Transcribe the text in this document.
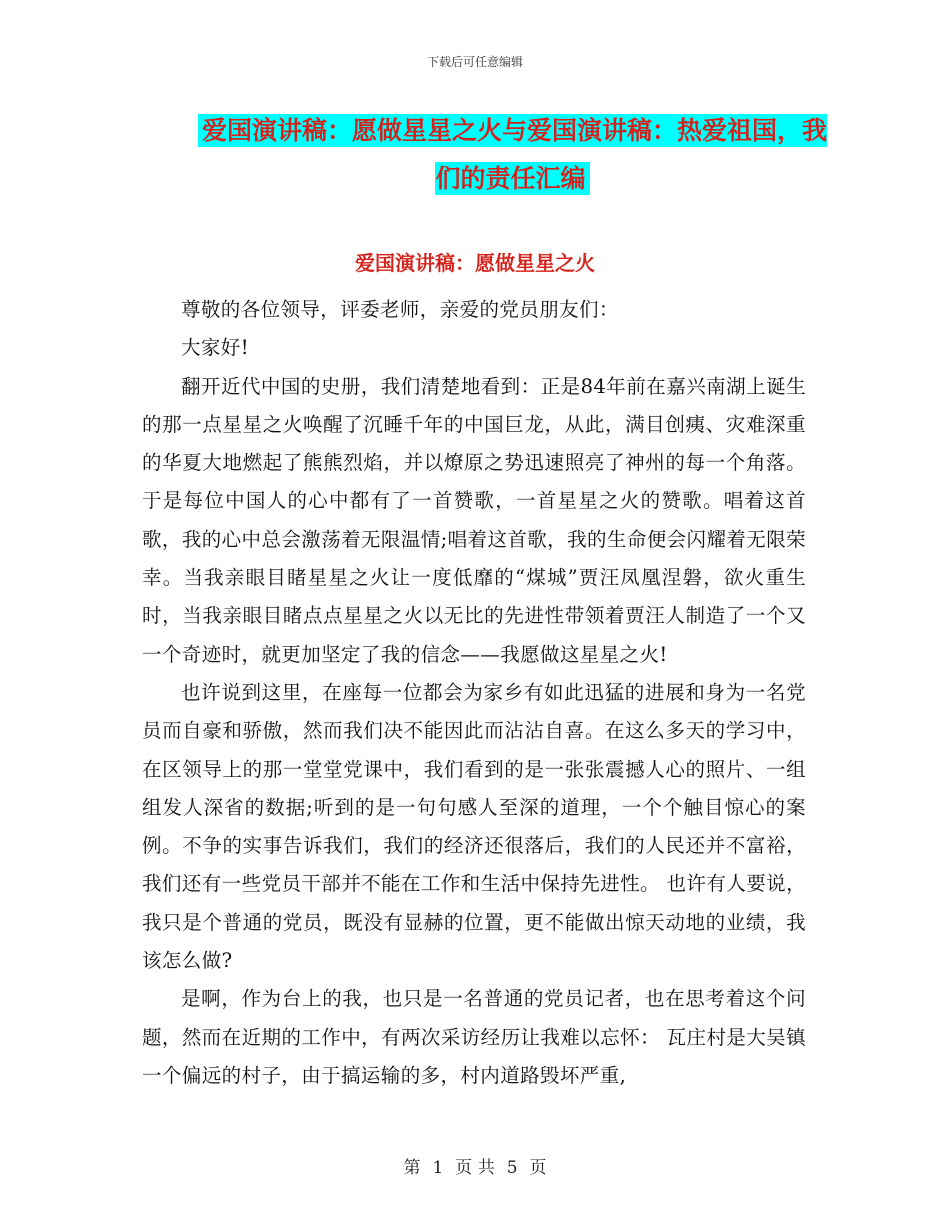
下载后可任意编辑
爱国演讲稿：愿做星星之火与爱国演讲稿：热爱祖国，我们的责任汇编
爱国演讲稿：愿做星星之火

尊敬的各位领导，评委老师，亲爱的党员朋友们：

大家好!

翻开近代中国的史册，我们清楚地看到：正是84年前在嘉兴南湖上诞生的那一点星星之火唤醒了沉睡千年的中国巨龙，从此，满目创痍、灾难深重的华夏大地燃起了熊熊烈焰，并以燎原之势迅速照亮了神州的每一个角落。于是每位中国人的心中都有了一首赞歌，一首星星之火的赞歌。唱着这首歌，我的心中总会激荡着无限温情;唱着这首歌，我的生命便会闪耀着无限荣幸。当我亲眼目睹星星之火让一度低靡的“煤城”贾汪凤凰涅磐，欲火重生时，当我亲眼目睹点点星星之火以无比的先进性带领着贾汪人制造了一个又一个奇迹时，就更加坚定了我的信念——我愿做这星星之火!

也许说到这里，在座每一位都会为家乡有如此迅猛的进展和身为一名党员而自豪和骄傲，然而我们决不能因此而沾沾自喜。在这么多天的学习中，在区领导上的那一堂堂党课中，我们看到的是一张张震撼人心的照片、一组组发人深省的数据;听到的是一句句感人至深的道理，一个个触目惊心的案例。不争的实事告诉我们，我们的经济还很落后，我们的人民还并不富裕，我们还有一些党员干部并不能在工作和生活中保持先进性。 也许有人要说，我只是个普通的党员，既没有显赫的位置，更不能做出惊天动地的业绩，我该怎么做?

是啊，作为台上的我，也只是一名普通的党员记者，也在思考着这个问题，然而在近期的工作中，有两次采访经历让我难以忘怀： 瓦庄村是大吴镇一个偏远的村子，由于搞运输的多，村内道路毁坏严重,

第 1 页 共 5 页
